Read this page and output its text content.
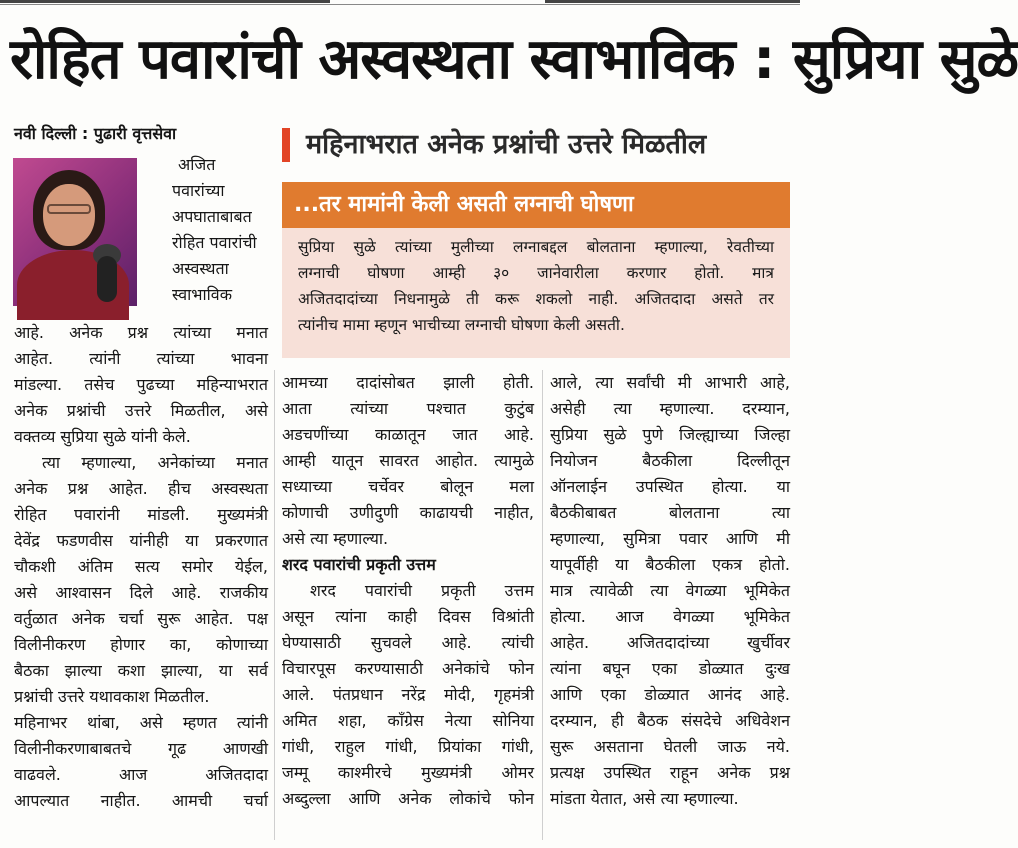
रोहित पवारांची अस्वस्थता स्वाभाविक : सुप्रिया सुळे
नवी दिल्ली : पुढारी वृत्तसेवा
अजित
पवारांच्या
अपघाताबाबत
रोहित पवारांची
अस्वस्थता
स्वाभाविक
आहे. अनेक प्रश्न त्यांच्या मनात
आहेत. त्यांनी त्यांच्या भावना
मांडल्या. तसेच पुढच्या महिन्याभरात
अनेक प्रश्नांची उत्तरे मिळतील, असे
वक्तव्य सुप्रिया सुळे यांनी केले.
त्या म्हणाल्या, अनेकांच्या मनात
अनेक प्रश्न आहेत. हीच अस्वस्थता
रोहित पवारांनी मांडली. मुख्यमंत्री
देवेंद्र फडणवीस यांनीही या प्रकरणात
चौकशी अंतिम सत्य समोर येईल,
असे आश्वासन दिले आहे. राजकीय
वर्तुळात अनेक चर्चा सुरू आहेत. पक्ष
विलीनीकरण होणार का, कोणाच्या
बैठका झाल्या कशा झाल्या, या सर्व
प्रश्नांची उत्तरे यथावकाश मिळतील.
महिनाभर थांबा, असे म्हणत त्यांनी
विलीनीकरणाबाबतचे गूढ आणखी
वाढवले. आज अजितदादा
आपल्यात नाहीत. आमची चर्चा
महिनाभरात अनेक प्रश्नांची उत्तरे मिळतील
...तर मामांनी केली असती लग्नाची घोषणा
सुप्रिया सुळे त्यांच्या मुलीच्या लग्नाबद्दल बोलताना म्हणाल्या, रेवतीच्या
लग्नाची घोषणा आम्ही ३० जानेवारीला करणार होतो. मात्र
अजितदादांच्या निधनामुळे ती करू शकलो नाही. अजितदादा असते तर
त्यांनीच मामा म्हणून भाचीच्या लग्नाची घोषणा केली असती.
आमच्या दादांसोबत झाली होती.
आता त्यांच्या पश्चात कुटुंब
अडचणींच्या काळातून जात आहे.
आम्ही यातून सावरत आहोत. त्यामुळे
सध्याच्या चर्चेवर बोलून मला
कोणाची उणीदुणी काढायची नाहीत,
असे त्या म्हणाल्या.
शरद पवारांची प्रकृती उत्तम
शरद पवारांची प्रकृती उत्तम
असून त्यांना काही दिवस विश्रांती
घेण्यासाठी सुचवले आहे. त्यांची
विचारपूस करण्यासाठी अनेकांचे फोन
आले. पंतप्रधान नरेंद्र मोदी, गृहमंत्री
अमित शहा, काँग्रेस नेत्या सोनिया
गांधी, राहुल गांधी, प्रियांका गांधी,
जम्मू काश्मीरचे मुख्यमंत्री ओमर
अब्दुल्ला आणि अनेक लोकांचे फोन
आले, त्या सर्वांची मी आभारी आहे,
असेही त्या म्हणाल्या. दरम्यान,
सुप्रिया सुळे पुणे जिल्ह्याच्या जिल्हा
नियोजन बैठकीला दिल्लीतून
ऑनलाईन उपस्थित होत्या. या
बैठकीबाबत बोलताना त्या
म्हणाल्या, सुमित्रा पवार आणि मी
यापूर्वीही या बैठकीला एकत्र होतो.
मात्र त्यावेळी त्या वेगळ्या भूमिकेत
होत्या. आज वेगळ्या भूमिकेत
आहेत. अजितदादांच्या खुर्चीवर
त्यांना बघून एका डोळ्यात दुःख
आणि एका डोळ्यात आनंद आहे.
दरम्यान, ही बैठक संसदेचे अधिवेशन
सुरू असताना घेतली जाऊ नये.
प्रत्यक्ष उपस्थित राहून अनेक प्रश्न
मांडता येतात, असे त्या म्हणाल्या.
